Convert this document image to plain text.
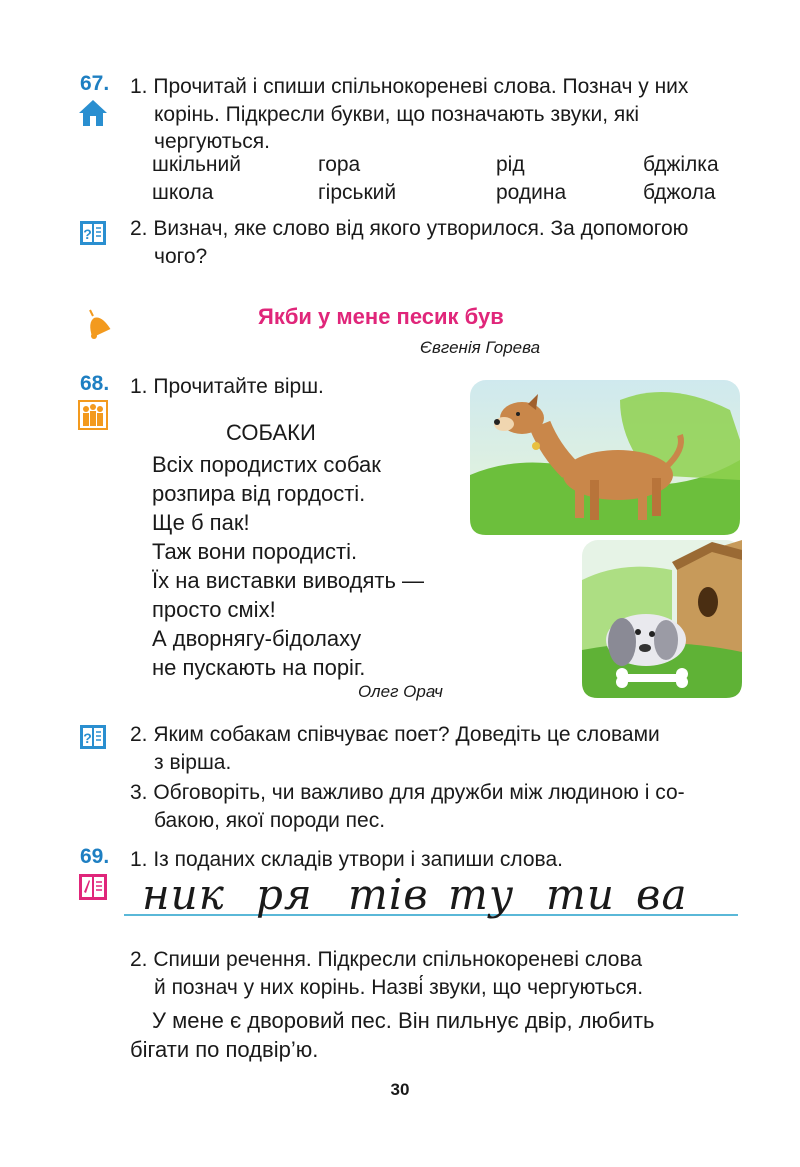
67. 1. Прочитай і спиши спільнокореневі слова. Познач у них
корінь. Підкресли букви, що позначають звуки, які
чергуються.
шкільний	гора	рід	бджілка
школа	гірський	родина	бджола
? 2. Визнач, яке слово від якого утворилося. За допомогою
чого?
Якби у мене песик був
Євгенія Горева
68. 1. Прочитайте вірш.
СОБАКИ
Всіх породистих собак
розпира від гордості.
Ще б пак!
Таж вони породисті.
Їх на виставки виводять —
просто сміх!
А дворнягу-бідолаху
не пускають на поріг.
Олег Орач
? 2. Яким собакам співчуває поет? Доведіть це словами
з вірша.
3. Обговоріть, чи важливо для дружби між людиною і со-
бакою, якої породи пес.
69. 1. Із поданих складів утвори і запиши слова.
ник ря тів ту ти ва
2. Спиши речення. Підкресли спільнокореневі слова
й познач у них корінь. Назві́ звуки, що чергуються.
У мене є дворовий пес. Він пильнує двір, любить
бігати по подвір’ю.
30
